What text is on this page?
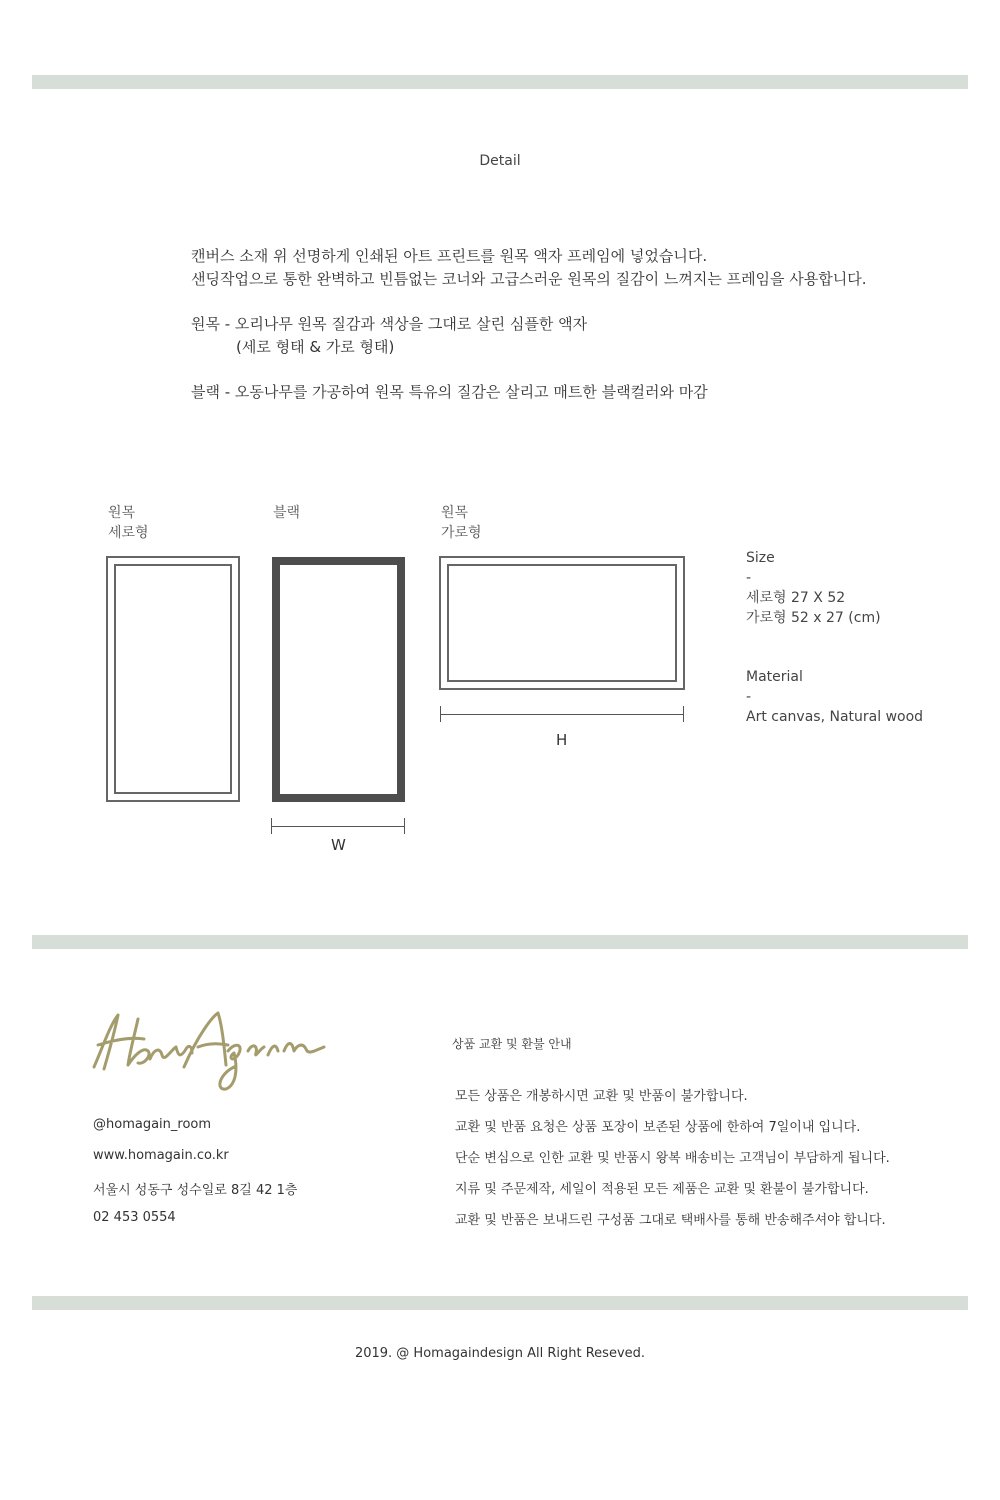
Detail
캔버스 소재 위 선명하게 인쇄된 아트 프린트를 원목 액자 프레임에 넣었습니다.
샌딩작업으로 통한 완벽하고 빈틈없는 코너와 고급스러운 원목의 질감이 느껴지는 프레임을 사용합니다.
원목 - 오리나무 원목 질감과 색상을 그대로 살린 심플한 액자
(세로 형태 & 가로 형태)
블랙 - 오동나무를 가공하여 원목 특유의 질감은 살리고 매트한 블랙컬러와 마감
원목
세로형
블랙	원목
가로형
W
H
Size
-
세로형 27 X 52
가로형 52 x 27 (cm)
Material
-
Art canvas, Natural wood
@homagain_room
www.homagain.co.kr
서울시 성동구 성수일로 8길 42 1층
02 453 0554
상품 교환 및 환불 안내
모든 상품은 개봉하시면 교환 및 반품이 불가합니다.
교환 및 반품 요청은 상품 포장이 보존된 상품에 한하여 7일이내 입니다.
단순 변심으로 인한 교환 및 반품시 왕복 배송비는 고객님이 부담하게 됩니다.
지류 및 주문제작, 세일이 적용된 모든 제품은 교환 및 환불이 불가합니다.
교환 및 반품은 보내드린 구성품 그대로 택배사를 통해 반송해주셔야 합니다.
2019. @ Homagaindesign All Right Reseved.
